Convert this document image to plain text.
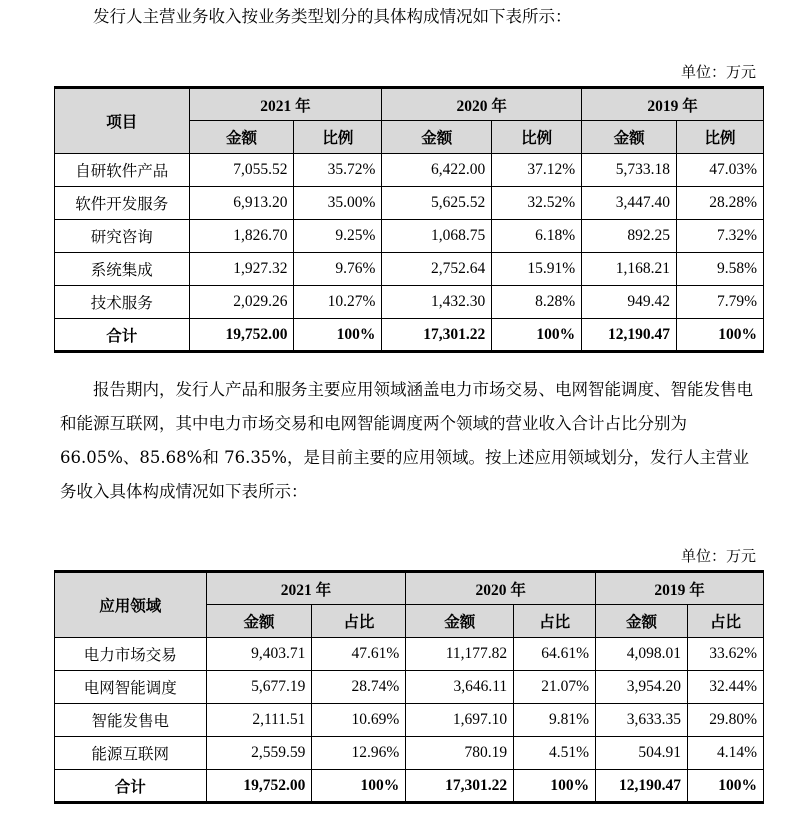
发行人主营业务收入按业务类型划分的具体构成情况如下表所示：

单位：万元
项目	2021 年		2020 年		2019 年	
	金额	比例	金额	比例	金额	比例
自研软件产品	7,055.52	35.72%	6,422.00	37.12%	5,733.18	47.03%
软件开发服务	6,913.20	35.00%	5,625.52	32.52%	3,447.40	28.28%
研究咨询	1,826.70	9.25%	1,068.75	6.18%	892.25	7.32%
系统集成	1,927.32	9.76%	2,752.64	15.91%	1,168.21	9.58%
技术服务	2,029.26	10.27%	1,432.30	8.28%	949.42	7.79%
合计	19,752.00	100%	17,301.22	100%	12,190.47	100%

报告期内，发行人产品和服务主要应用领域涵盖电力市场交易、电网智能调度、智能发售电和能源互联网，其中电力市场交易和电网智能调度两个领域的营业收入合计占比分别为 66.05%、85.68%和 76.35%，是目前主要的应用领域。按上述应用领域划分，发行人主营业务收入具体构成情况如下表所示：

单位：万元
应用领域	2021 年		2020 年		2019 年	
	金额	占比	金额	占比	金额	占比
电力市场交易	9,403.71	47.61%	11,177.82	64.61%	4,098.01	33.62%
电网智能调度	5,677.19	28.74%	3,646.11	21.07%	3,954.20	32.44%
智能发售电	2,111.51	10.69%	1,697.10	9.81%	3,633.35	29.80%
能源互联网	2,559.59	12.96%	780.19	4.51%	504.91	4.14%
合计	19,752.00	100%	17,301.22	100%	12,190.47	100%
